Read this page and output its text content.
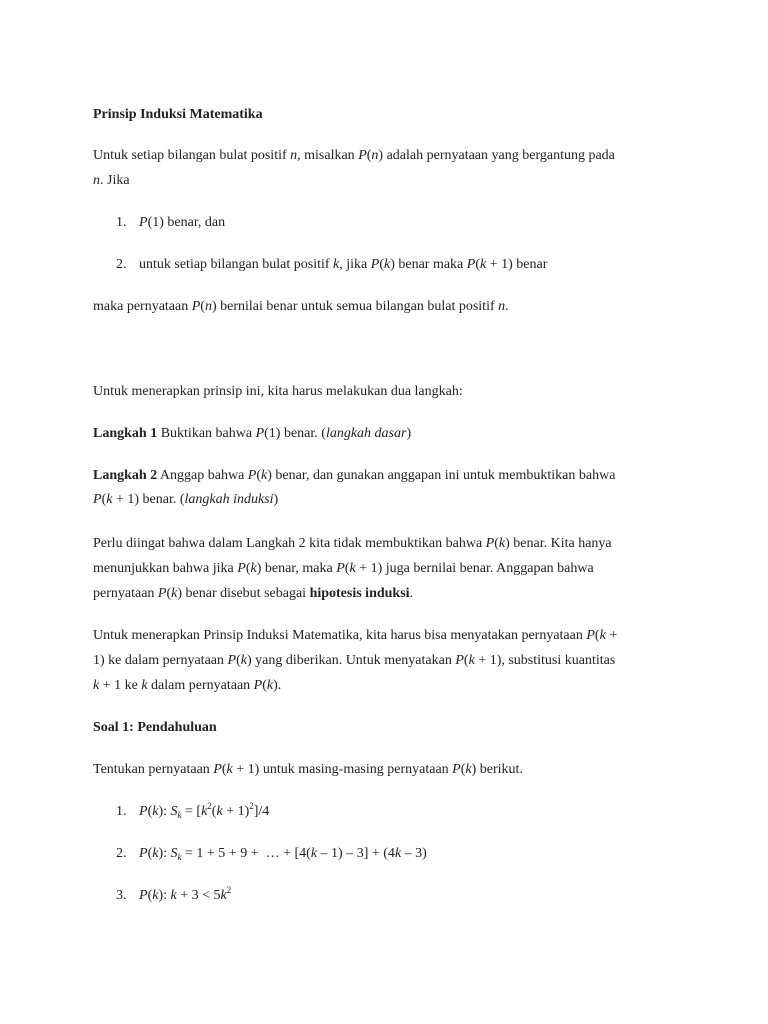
Prinsip Induksi Matematika
Untuk setiap bilangan bulat positif n, misalkan P(n) adalah pernyataan yang bergantung pada
n. Jika
1. P(1) benar, dan
2. untuk setiap bilangan bulat positif k, jika P(k) benar maka P(k + 1) benar
maka pernyataan P(n) bernilai benar untuk semua bilangan bulat positif n.
Untuk menerapkan prinsip ini, kita harus melakukan dua langkah:
Langkah 1 Buktikan bahwa P(1) benar. (langkah dasar)
Langkah 2 Anggap bahwa P(k) benar, dan gunakan anggapan ini untuk membuktikan bahwa
P(k + 1) benar. (langkah induksi)
Perlu diingat bahwa dalam Langkah 2 kita tidak membuktikan bahwa P(k) benar. Kita hanya
menunjukkan bahwa jika P(k) benar, maka P(k + 1) juga bernilai benar. Anggapan bahwa
pernyataan P(k) benar disebut sebagai hipotesis induksi.
Untuk menerapkan Prinsip Induksi Matematika, kita harus bisa menyatakan pernyataan P(k +
1) ke dalam pernyataan P(k) yang diberikan. Untuk menyatakan P(k + 1), substitusi kuantitas
k + 1 ke k dalam pernyataan P(k).
Soal 1: Pendahuluan
Tentukan pernyataan P(k + 1) untuk masing-masing pernyataan P(k) berikut.
1. P(k): $S_k = [k^2(k + 1)^2]/4$
2. P(k): $S_k = 1 + 5 + 9$ +  … + [4(k – 1) – 3] + (4k – 3)
3. P(k): $k + 3 < 5k^2$
